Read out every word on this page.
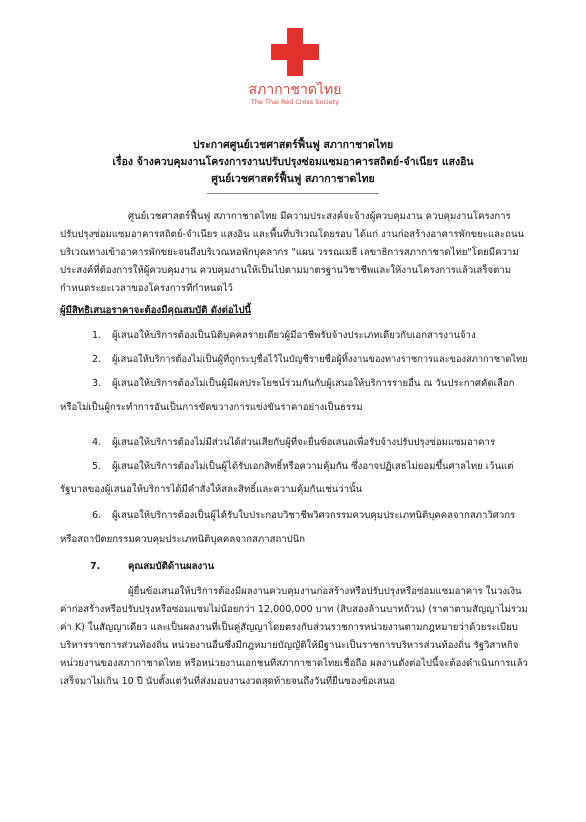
สภากาชาดไทย
The Thai Red Cross Society
ประกาศศูนย์เวชศาสตร์ฟื้นฟู สภากาชาดไทย
เรื่อง จ้างควบคุมงานโครงการงานปรับปรุงซ่อมแซมอาคารสถิตย์-จำเนียร แสงอิน
ศูนย์เวชศาสตร์ฟื้นฟู สภากาชาดไทย
ศูนย์เวชศาสตร์ฟื้นฟู สภากาชาดไทย มีความประสงค์จะจ้างผู้ควบคุมงาน ควบคุมงานโครงการ
ปรับปรุงซ่อมแซมอาคารสถิตย์-จำเนียร แสงอิน และพื้นที่บริเวณโดยรอบ ได้แก่ งานก่อสร้างอาคารพักขยะและถนน
บริเวณทางเข้าอาคารพักขยะจนถึงบริเวณหอพักบุคลากร "แผน วรรณเมธี เลขาธิการสภากาชาดไทย"โดยมีความ
ประสงค์ที่ต้องการให้ผู้ควบคุมงาน ควบคุมงานให้เป็นไปตามมาตรฐานวิชาชีพและให้งานโครงการแล้วเสร็จตาม
กำหนดระยะเวลาของโครงการที่กำหนดไว้
ผู้มีสิทธิเสนอราคาจะต้องมีคุณสมบัติ ดังต่อไปนี้
1. ผู้เสนอให้บริการต้องเป็นนิติบุคคลรายเดียวผู้มีอาชีพรับจ้างประเภทเดียวกับเอกสารงานจ้าง
2. ผู้เสนอให้บริการต้องไม่เป็นผู้ที่ถูกระบุชื่อไว้ในบัญชีรายชื่อผู้ทิ้งงานของทางราชการและของสภากาชาดไทย
3. ผู้เสนอให้บริการต้องไม่เป็นผู้มีผลประโยชน์ร่วมกันกับผู้เสนอให้บริการรายอื่น ณ วันประกาศคัดเลือก
หรือไม่เป็นผู้กระทำการอันเป็นการขัดขวางการแข่งขันราคาอย่างเป็นธรรม
4. ผู้เสนอให้บริการต้องไม่มีส่วนได้ส่วนเสียกับผู้ที่จะยื่นข้อเสนอเพื่อรับจ้างปรับปรุงซ่อมแซมอาคาร
5. ผู้เสนอให้บริการต้องไม่เป็นผู้ได้รับเอกสิทธิ์หรือความคุ้มกัน ซึ่งอาจปฏิเสธไม่ยอมขึ้นศาลไทย เว้นแต่
รัฐบาลของผู้เสนอให้บริการได้มีคำสั่งให้สละสิทธิ์และความคุ้มกันเช่นว่านั้น
6. ผู้เสนอให้บริการต้องเป็นผู้ได้รับใบประกอบวิชาชีพวิศวกรรมควบคุมประเภทนิติบุคคลจากสภาวิศวกร
หรือสถาปัตยกรรมควบคุมประเภทนิติบุคคลจากสภาสถาปนิก
7.	คุณสมบัติด้านผลงาน
ผู้ยื่นข้อเสนอให้บริการต้องมีผลงานควบคุมงานก่อสร้างหรือปรับปรุงหรือซ่อมแซมอาคาร ในวงเงิน
ค่าก่อสร้างหรือปรับปรุงหรือซ่อมแซมไม่น้อยกว่า 12,000,000 บาท (สิบสองล้านบาทถ้วน) (ราคาตามสัญญาไม่รวม
ค่า K) ในสัญญาเดียว และเป็นผลงานที่เป็นคู่สัญญาโดยตรงกับส่วนราชการหน่วยงานตามกฎหมายว่าด้วยระเบียบ
บริหารราชการส่วนท้องถิ่น หน่วยงานอื่นซึ่งมีกฎหมายบัญญัติให้มีฐานะเป็นราชการบริหารส่วนท้องถิ่น รัฐวิสาหกิจ
หน่วยงานของสภากาชาดไทย หรือหน่วยงานเอกชนที่สภากาชาดไทยเชื่อถือ ผลงานดังต่อไปนี้จะต้องดำเนินการแล้ว
เสร็จมาไม่เกิน 10 ปี นับตั้งแต่วันที่ส่งมอบงานงวดสุดท้ายจนถึงวันที่ยื่นซองข้อเสนอ
